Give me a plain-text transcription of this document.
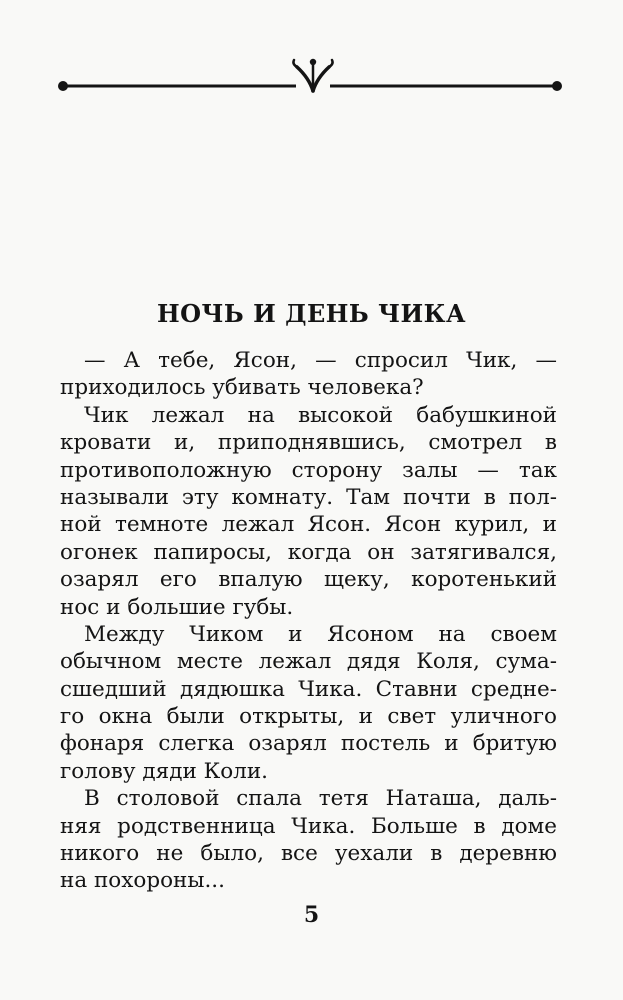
НОЧЬ И ДЕНЬ ЧИКА

— А тебе, Ясон, — спросил Чик, —
приходилось убивать человека?

Чик лежал на высокой бабушкиной
кровати и, приподнявшись, смотрел в
противоположную сторону залы — так
называли эту комнату. Там почти в пол-
ной темноте лежал Ясон. Ясон курил, и
огонек папиросы, когда он затягивался,
озарял его впалую щеку, коротенький
нос и большие губы.

Между Чиком и Ясоном на своем
обычном месте лежал дядя Коля, сума-
сшедший дядюшка Чика. Ставни средне-
го окна были открыты, и свет уличного
фонаря слегка озарял постель и бритую
голову дяди Коли.

В столовой спала тетя Наташа, даль-
няя родственница Чика. Больше в доме
никого не было, все уехали в деревню
на похороны...

5
